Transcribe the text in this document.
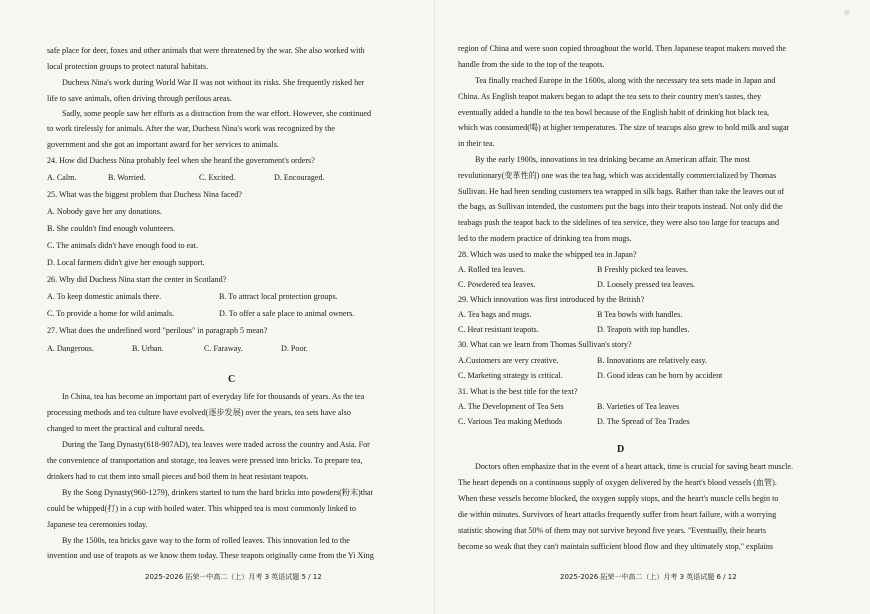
safe place for deer, foxes and other animals that were threatened by the war. She also worked with
local protection groups to protect natural habitats.
Duchess Nina's work during World War II was not without its risks. She frequently risked her
life to save animals, often driving through perilous areas.
Sadly, some people saw her efforts as a distraction from the war effort. However, she continued
to work tirelessly for animals. After the war, Duchess Nina's work was recognized by the
government and she got an important award for her services to animals.
24. How did Duchess Nina probably feel when she heard the government's orders?
A. Calm.	B. Worried.	C. Excited.	D. Encouraged.
25. What was the biggest problem that Duchess Nina faced?
A. Nobody gave her any donations.
B. She couldn't find enough volunteers.
C. The animals didn't have enough food to eat.
D. Local farmers didn't give her enough support.
26. Why did Duchess Nina start the center in Scotland?
A. To keep domestic animals there.	B. To attract local protection groups.
C. To provide a home for wild animals.	D. To offer a safe place to animal owners.
27. What does the underlined word "perilous" in paragraph 5 mean?
A. Dangerous.	B. Urban.	C. Faraway.	D. Poor.
C
In China, tea has become an important part of everyday life for thousands of years. As the tea
processing methods and tea culture have evolved(逐步发展) over the years, tea sets have also
changed to meet the practical and cultural needs.
During the Tang Dynasty(618-907AD), tea leaves were traded across the country and Asia. For
the convenience of transportation and storage, tea leaves were pressed into bricks. To prepare tea,
drinkers had to cut them into small pieces and boil them in heat resistant teapots.
By the Song Dynasty(960-1279), drinkers started to turn the hard bricks into powders(粉末)that
could be whipped(打) in a cup with boiled water. This whipped tea is most commonly linked to
Japanese tea ceremonies today.
By the 1500s, tea bricks gave way to the form of rolled leaves. This innovation led to the
invention and use of teapots as we know them today. These teapots originally came from the Yi Xing
2025-2026 拓荣一中高二（上）月考 3 英语试题 5 / 12
region of China and were soon copied throughout the world. Then Japanese teapot makers moved the
handle from the side to the top of the teapots.
Tea finally reached Europe in the 1600s, along with the necessary tea sets made in Japan and
China. As English teapot makers began to adapt the tea sets to their country men's tastes, they
eventually added a handle to the tea bowl because of the English habit of drinking hot black tea,
which was consumed(喝) at higher temperatures. The size of teacups also grew to hold milk and sugar
in their tea.
By the early 1900s, innovations in tea drinking became an American affair. The most
revolutionary(变革性的) one was the tea bag, which was accidentally commercialized by Thomas
Sullivan. He had been sending customers tea wrapped in silk bags. Rather than take the leaves out of
the bags, as Sullivan intended, the customers put the bags into their teapots instead. Not only did the
teabags push the teapot back to the sidelines of tea service, they were also too large for teacups and
led to the modern practice of drinking tea from mugs.
28. Which was used to make the whipped tea in Japan?
A. Rolled tea leaves.	B Freshly picked tea leaves.
C. Powdered tea leaves.	D. Loosely pressed tea leaves.
29. Which innovation was first introduced by the British?
A. Tea bags and mugs.	B Tea bowls with handles.
C. Heat resistant teapots.	D. Teapots with top handles.
30. What can we learn from Thomas Sullivan's story?
A.Customers are very creative.	B. Innovations are relatively easy.
C. Marketing strategy is critical.	D. Good ideas can be born by accident
31. What is the best title for the text?
A. The Development of Tea Sets	B. Varieties of Tea leaves
C. Various Tea making Methods	D. The Spread of Tea Trades
D
Doctors often emphasize that in the event of a heart attack, time is crucial for saving heart muscle.
The heart depends on a continuous supply of oxygen delivered by the heart's blood vessels (血管).
When these vessels become blocked, the oxygen supply stops, and the heart's muscle cells begin to
die within minutes. Survivors of heart attacks frequently suffer from heart failure, with a worrying
statistic showing that 50% of them may not survive beyond five years. "Eventually, their hearts
become so weak that they can't maintain sufficient blood flow and they ultimately stop," explains
2025-2026 拓荣一中高二（上）月考 3 英语试题 6 / 12
